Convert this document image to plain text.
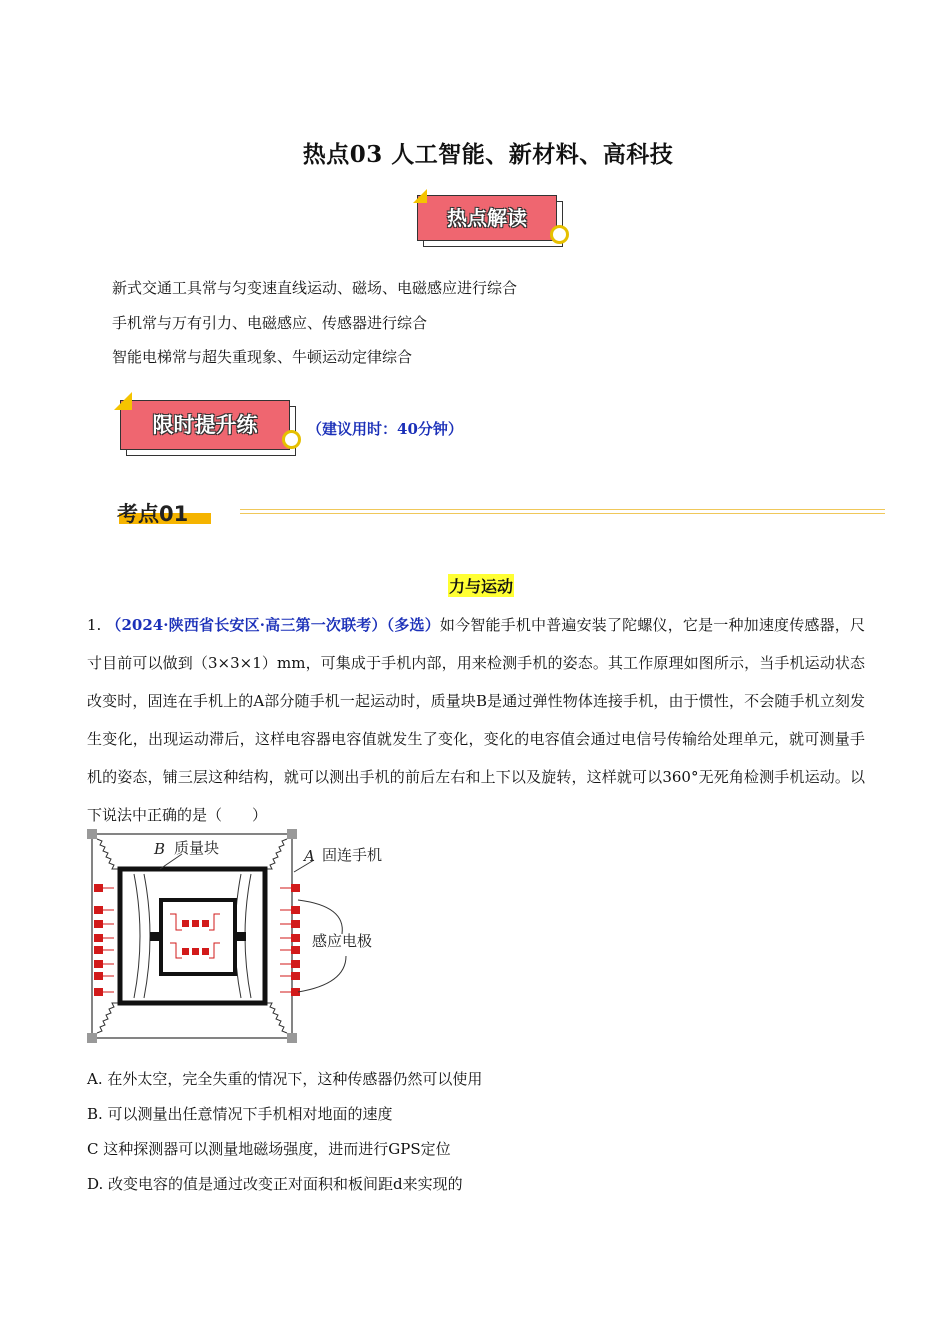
热点03 人工智能、新材料、高科技
热点解读
新式交通工具常与匀变速直线运动、磁场、电磁感应进行综合
手机常与万有引力、电磁感应、传感器进行综合
智能电梯常与超失重现象、牛顿运动定律综合
限时提升练	（建议用时：40分钟）
考点01
力与运动
1. （2024·陕西省长安区·高三第一次联考）（多选）如今智能手机中普遍安装了陀螺仪，它是一种加速度传感器，尺寸目前可以做到（3×3×1）mm，可集成于手机内部，用来检测手机的姿态。其工作原理如图所示，当手机运动状态改变时，固连在手机上的A部分随手机一起运动时，质量块B是通过弹性物体连接手机，由于惯性，不会随手机立刻发生变化，出现运动滞后，这样电容器电容值就发生了变化，变化的电容值会通过电信号传输给处理单元，就可测量手机的姿态，铺三层这种结构，就可以测出手机的前后左右和上下以及旋转，这样就可以360°无死角检测手机运动。以下说法中正确的是（　　）
B 质量块	A 固连手机
感应电极
A. 在外太空，完全失重的情况下，这种传感器仍然可以使用
B. 可以测量出任意情况下手机相对地面的速度
C 这种探测器可以测量地磁场强度，进而进行GPS定位
D. 改变电容的值是通过改变正对面积和板间距d来实现的
